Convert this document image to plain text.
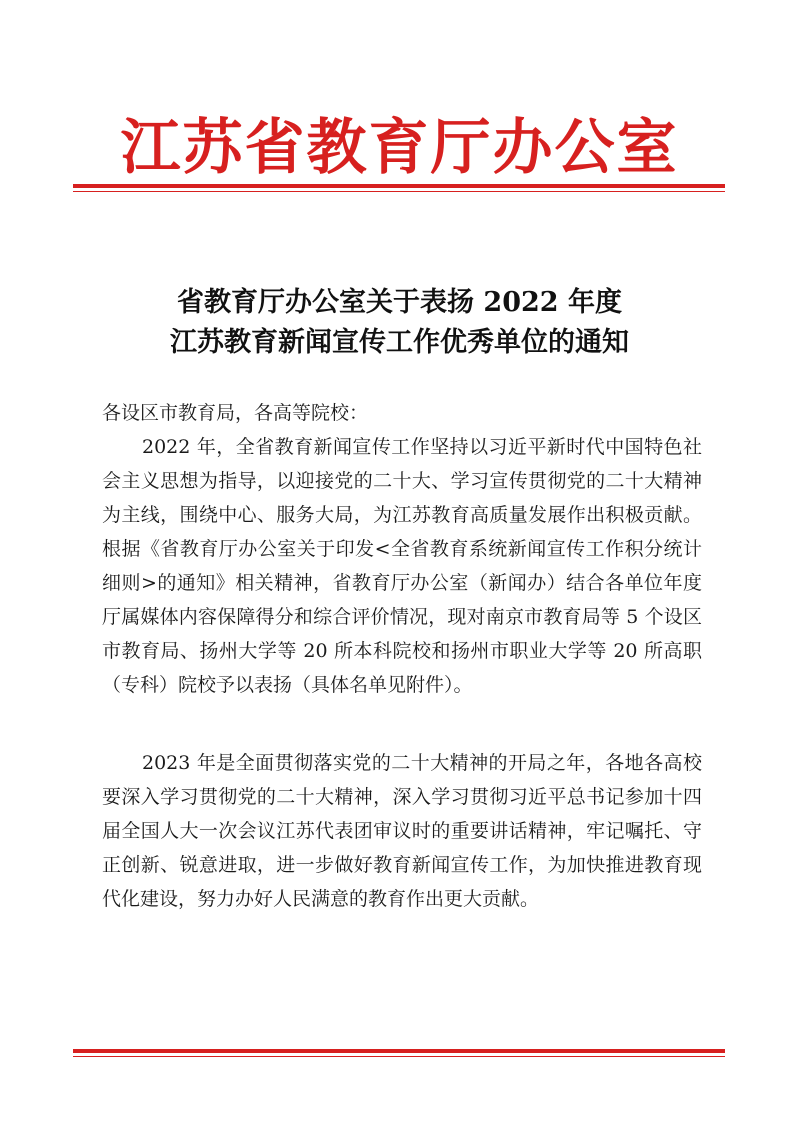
江苏省教育厅办公室
省教育厅办公室关于表扬 2022 年度
江苏教育新闻宣传工作优秀单位的通知
各设区市教育局，各高等院校：
2022 年，全省教育新闻宣传工作坚持以习近平新时代中国特色社会主义思想为指导，以迎接党的二十大、学习宣传贯彻党的二十大精神为主线，围绕中心、服务大局，为江苏教育高质量发展作出积极贡献。根据《省教育厅办公室关于印发<全省教育系统新闻宣传工作积分统计细则>的通知》相关精神，省教育厅办公室（新闻办）结合各单位年度厅属媒体内容保障得分和综合评价情况，现对南京市教育局等 5 个设区市教育局、扬州大学等 20 所本科院校和扬州市职业大学等 20 所高职（专科）院校予以表扬（具体名单见附件）。
2023 年是全面贯彻落实党的二十大精神的开局之年，各地各高校要深入学习贯彻党的二十大精神，深入学习贯彻习近平总书记参加十四届全国人大一次会议江苏代表团审议时的重要讲话精神，牢记嘱托、守正创新、锐意进取，进一步做好教育新闻宣传工作，为加快推进教育现代化建设，努力办好人民满意的教育作出更大贡献。
